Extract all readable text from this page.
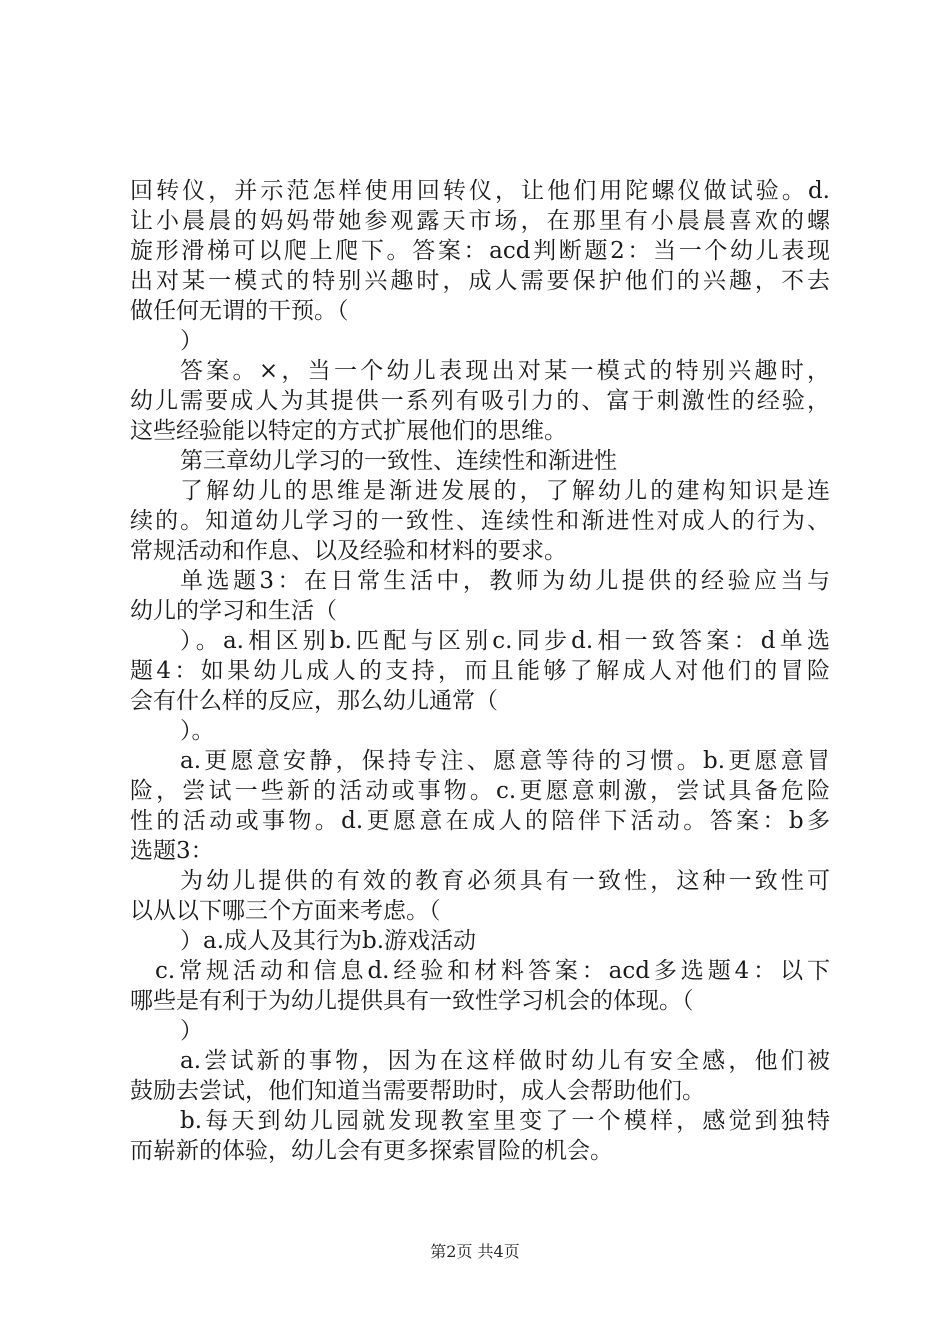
回转仪，并示范怎样使用回转仪，让他们用陀螺仪做试验。d.

让小晨晨的妈妈带她参观露天市场，在那里有小晨晨喜欢的螺

旋形滑梯可以爬上爬下。答案：acd判断题2：当一个幼儿表现

出对某一模式的特别兴趣时，成人需要保护他们的兴趣，不去

做任何无谓的干预。（

）

答案。×，当一个幼儿表现出对某一模式的特别兴趣时，

幼儿需要成人为其提供一系列有吸引力的、富于刺激性的经验，

这些经验能以特定的方式扩展他们的思维。

第三章幼儿学习的一致性、连续性和渐进性

了解幼儿的思维是渐进发展的，了解幼儿的建构知识是连

续的。知道幼儿学习的一致性、连续性和渐进性对成人的行为、

常规活动和作息、以及经验和材料的要求。

单选题3：在日常生活中，教师为幼儿提供的经验应当与

幼儿的学习和生活（

）。a.相区别b.匹配与区别c.同步d.相一致答案：d单选

题4：如果幼儿成人的支持，而且能够了解成人对他们的冒险

会有什么样的反应，那么幼儿通常（

）。

a.更愿意安静，保持专注、愿意等待的习惯。b.更愿意冒

险，尝试一些新的活动或事物。c.更愿意刺激，尝试具备危险

性的活动或事物。d.更愿意在成人的陪伴下活动。答案：b多

选题3：

为幼儿提供的有效的教育必须具有一致性，这种一致性可

以从以下哪三个方面来考虑。（

）a.成人及其行为b.游戏活动

c.常规活动和信息d.经验和材料答案：acd多选题4：以下

哪些是有利于为幼儿提供具有一致性学习机会的体现。（

）

a.尝试新的事物，因为在这样做时幼儿有安全感，他们被

鼓励去尝试，他们知道当需要帮助时，成人会帮助他们。

b.每天到幼儿园就发现教室里变了一个模样，感觉到独特

而崭新的体验，幼儿会有更多探索冒险的机会。

第2页 共4页
